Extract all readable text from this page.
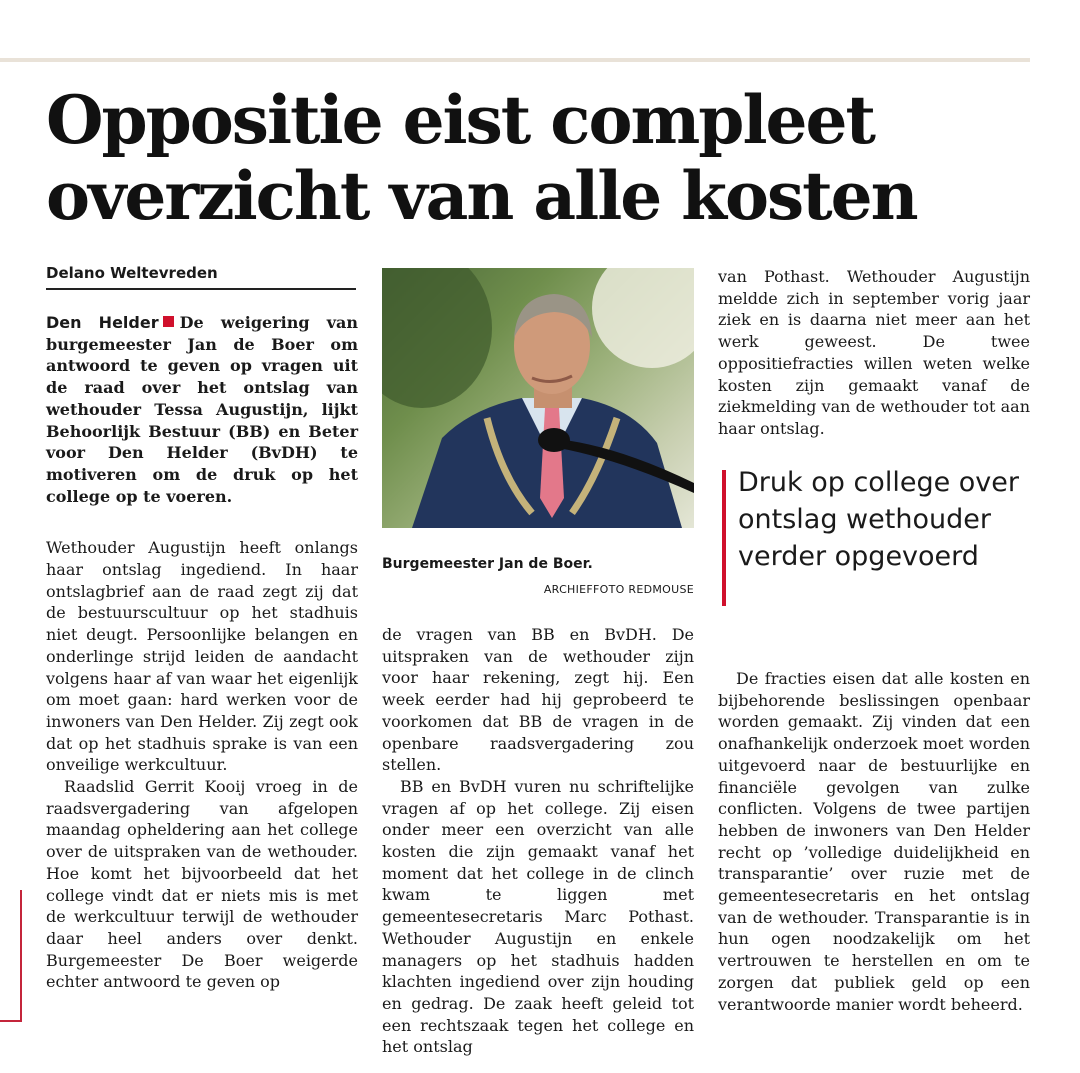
Oppositie eist compleet overzicht van alle kosten
Delano Weltevreden

Den Helder De weigering van burgemeester Jan de Boer om antwoord te geven op vragen uit de raad over het ontslag van wethouder Tessa Augustijn, lijkt Behoorlijk Bestuur (BB) en Beter voor Den Helder (BvDH) te motiveren om de druk op het college op te voeren.

Wethouder Augustijn heeft onlangs haar ontslag ingediend. In haar ontslagbrief aan de raad zegt zij dat de bestuurscultuur op het stadhuis niet deugt. Persoonlijke belangen en onderlinge strijd leiden de aandacht volgens haar af van waar het eigenlijk om moet gaan: hard werken voor de inwoners van Den Helder. Zij zegt ook dat op het stadhuis sprake is van een onveilige werkcultuur.

Raadslid Gerrit Kooij vroeg in de raadsvergadering van afgelopen maandag opheldering aan het college over de uitspraken van de wethouder. Hoe komt het bijvoorbeeld dat het college vindt dat er niets mis is met de werkcultuur terwijl de wethouder daar heel anders over denkt. Burgemeester De Boer weigerde echter antwoord te geven op

Burgemeester Jan de Boer.
ARCHIEFFOTO REDMOUSE

de vragen van BB en BvDH. De uitspraken van de wethouder zijn voor haar rekening, zegt hij. Een week eerder had hij geprobeerd te voorkomen dat BB de vragen in de openbare raadsvergadering zou stellen.

BB en BvDH vuren nu schriftelijke vragen af op het college. Zij eisen onder meer een overzicht van alle kosten die zijn gemaakt vanaf het moment dat het college in de clinch kwam te liggen met gemeentesecretaris Marc Pothast. Wethouder Augustijn en enkele managers op het stadhuis hadden klachten ingediend over zijn houding en gedrag. De zaak heeft geleid tot een rechtszaak tegen het college en het ontslag

van Pothast. Wethouder Augustijn meldde zich in september vorig jaar ziek en is daarna niet meer aan het werk geweest. De twee oppositiefracties willen weten welke kosten zijn gemaakt vanaf de ziekmelding van de wethouder tot aan haar ontslag.

Druk op college over ontslag wethouder verder opgevoerd

De fracties eisen dat alle kosten en bijbehorende beslissingen openbaar worden gemaakt. Zij vinden dat een onafhankelijk onderzoek moet worden uitgevoerd naar de bestuurlijke en financiële gevolgen van zulke conflicten. Volgens de twee partijen hebben de inwoners van Den Helder recht op ’volledige duidelijkheid en transparantie’ over ruzie met de gemeentesecretaris en het ontslag van de wethouder. Transparantie is in hun ogen noodzakelijk om het vertrouwen te herstellen en om te zorgen dat publiek geld op een verantwoorde manier wordt beheerd.
